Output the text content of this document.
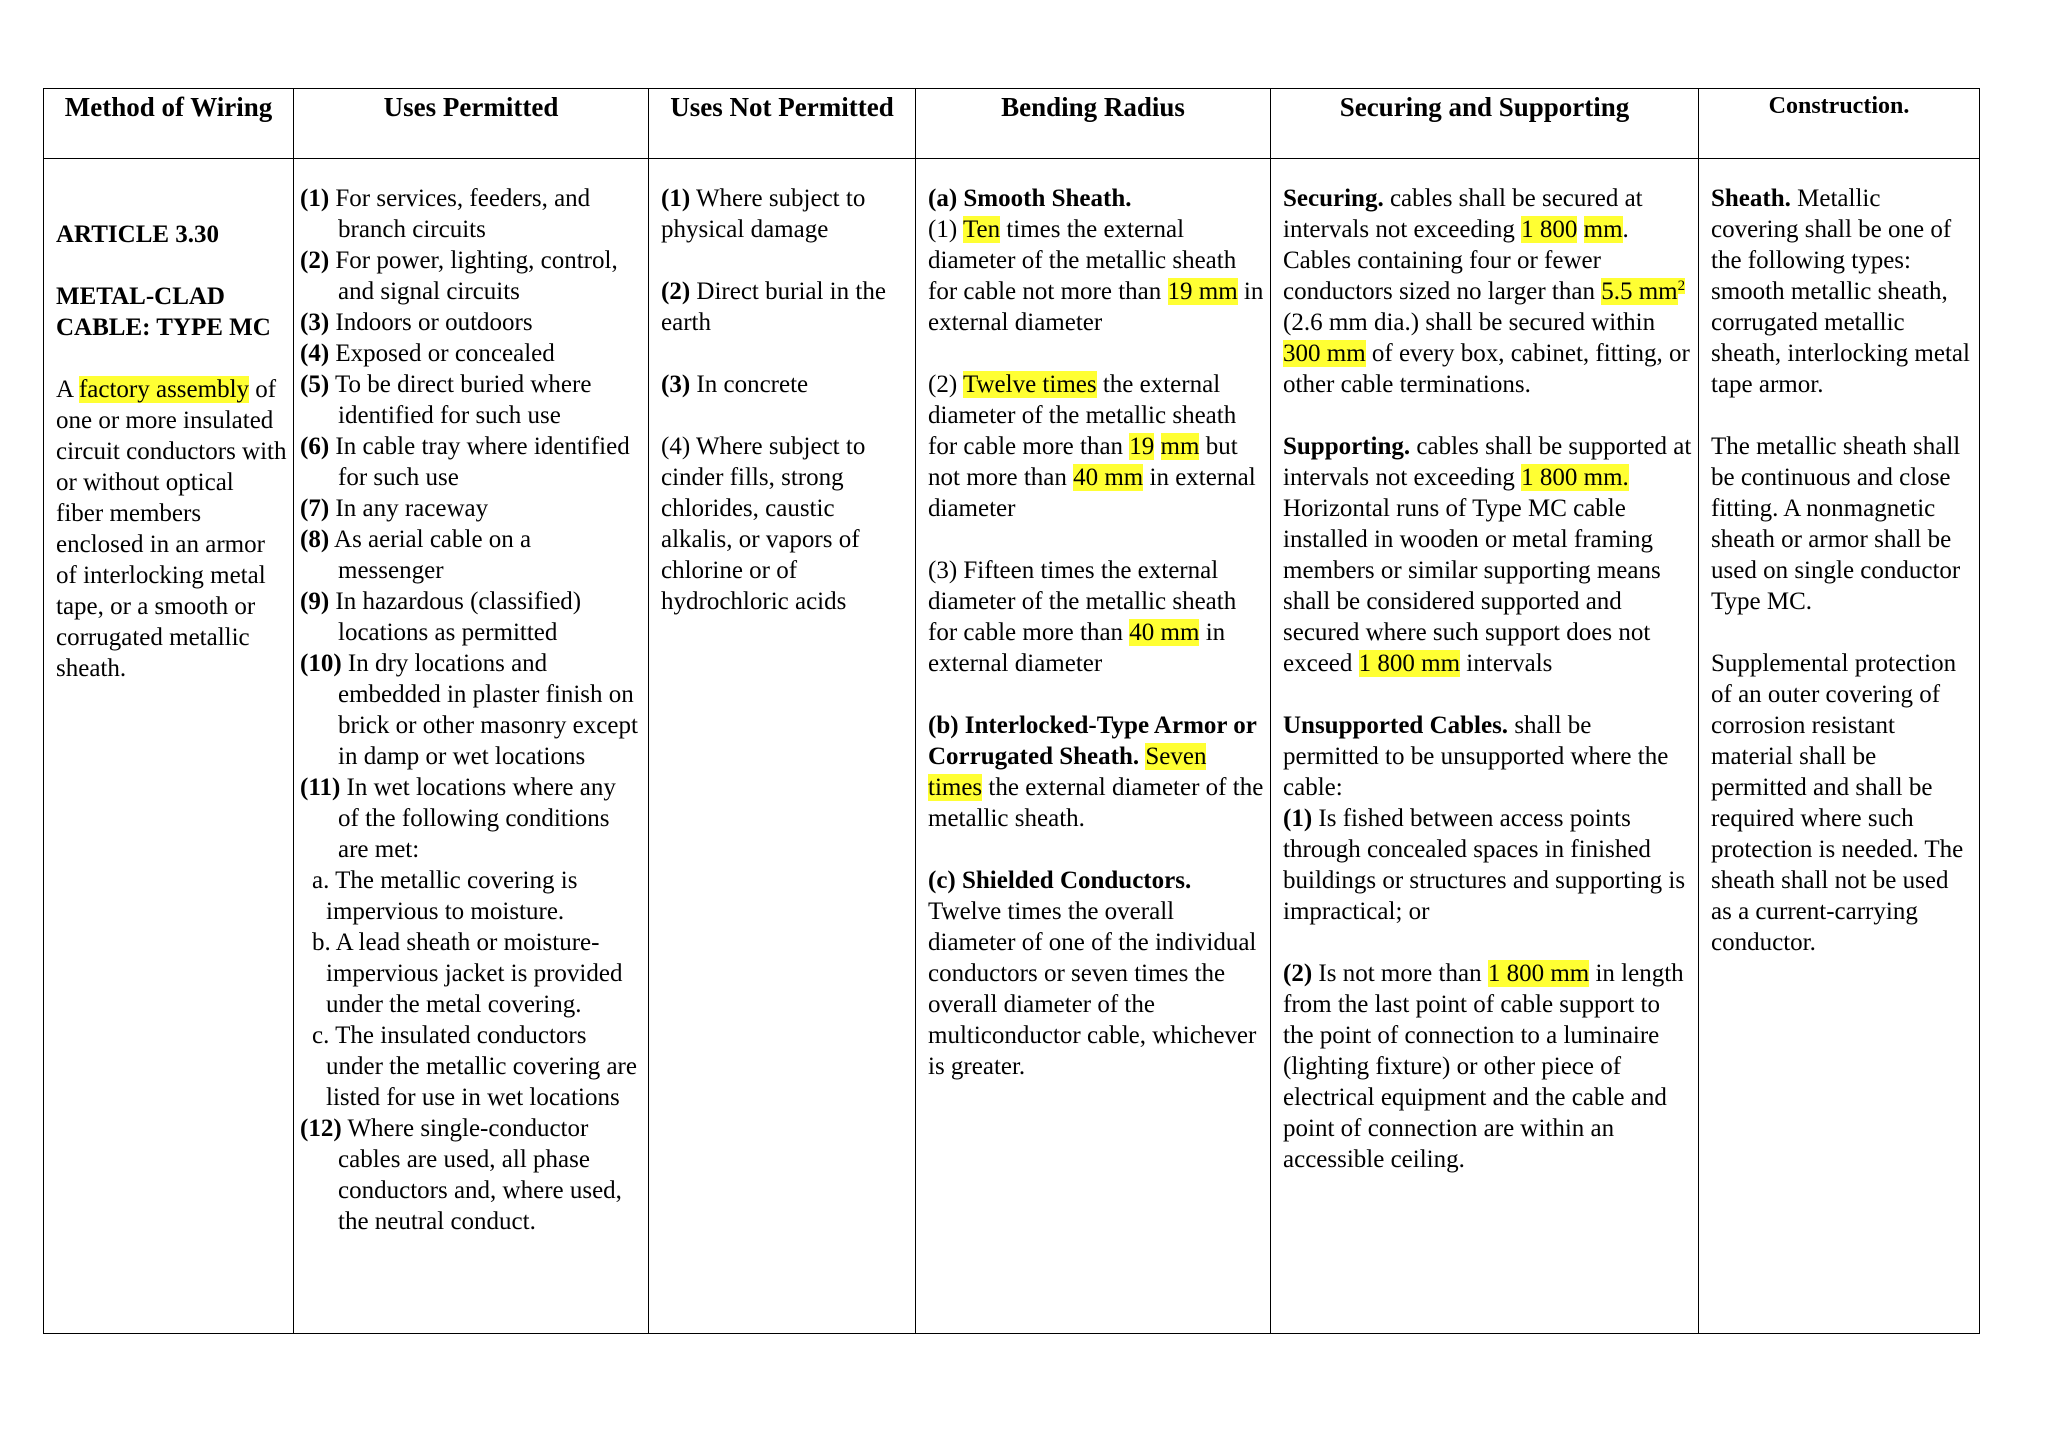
Method of Wiring

ARTICLE 3.30

METAL-CLAD CABLE: TYPE MC

A factory assembly of one or more insulated circuit conductors with or without optical fiber members enclosed in an armor of interlocking metal tape, or a smooth or corrugated metallic sheath.

Uses Permitted

(1) For services, feeders, and branch circuits

(2) For power, lighting, control, and signal circuits

(3) Indoors or outdoors

(4) Exposed or concealed

(5) To be direct buried where identified for such use

(6) In cable tray where identified for such use

(7) In any raceway

(8) As aerial cable on a messenger

(9) In hazardous (classified) locations as permitted

(10) In dry locations and embedded in plaster finish on brick or other masonry except in damp or wet locations

(11) In wet locations where any of the following conditions are met:

a. The metallic covering is impervious to moisture.

b. A lead sheath or moisture-impervious jacket is provided under the metal covering.

c. The insulated conductors under the metallic covering are listed for use in wet locations

(12) Where single-conductor cables are used, all phase conductors and, where used, the neutral conduct.

Uses Not Permitted

(1) Where subject to physical damage

(2) Direct burial in the earth

(3) In concrete

(4) Where subject to cinder fills, strong chlorides, caustic alkalis, or vapors of chlorine or of hydrochloric acids

Bending Radius

(a) Smooth Sheath.

(1) Ten times the external diameter of the metallic sheath for cable not more than 19 mm in external diameter

(2) Twelve times the external diameter of the metallic sheath for cable more than 19 mm but not more than 40 mm in external diameter

(3) Fifteen times the external diameter of the metallic sheath for cable more than 40 mm in external diameter

(b) Interlocked-Type Armor or Corrugated Sheath. Seven times the external diameter of the metallic sheath.

(c) Shielded Conductors.

Twelve times the overall diameter of one of the individual conductors or seven times the overall diameter of the multiconductor cable, whichever is greater.

Securing and Supporting

Securing. cables shall be secured at intervals not exceeding 1 800 mm. Cables containing four or fewer conductors sized no larger than 5.5 $mm^2$ (2.6 mm dia.) shall be secured within 300 mm of every box, cabinet, fitting, or other cable terminations.

Supporting. cables shall be supported at intervals not exceeding 1 800 mm. Horizontal runs of Type MC cable installed in wooden or metal framing members or similar supporting means shall be considered supported and secured where such support does not exceed 1 800 mm intervals

Unsupported Cables. shall be permitted to be unsupported where the cable:

(1) Is fished between access points through concealed spaces in finished buildings or structures and supporting is impractical; or

(2) Is not more than 1 800 mm in length from the last point of cable support to the point of connection to a luminaire (lighting fixture) or other piece of electrical equipment and the cable and point of connection are within an accessible ceiling.

Construction.

Sheath. Metallic covering shall be one of the following types: smooth metallic sheath, corrugated metallic sheath, interlocking metal tape armor.

The metallic sheath shall be continuous and close fitting. A nonmagnetic sheath or armor shall be used on single conductor Type MC.

Supplemental protection of an outer covering of corrosion resistant material shall be permitted and shall be required where such protection is needed. The sheath shall not be used as a current-carrying conductor.
